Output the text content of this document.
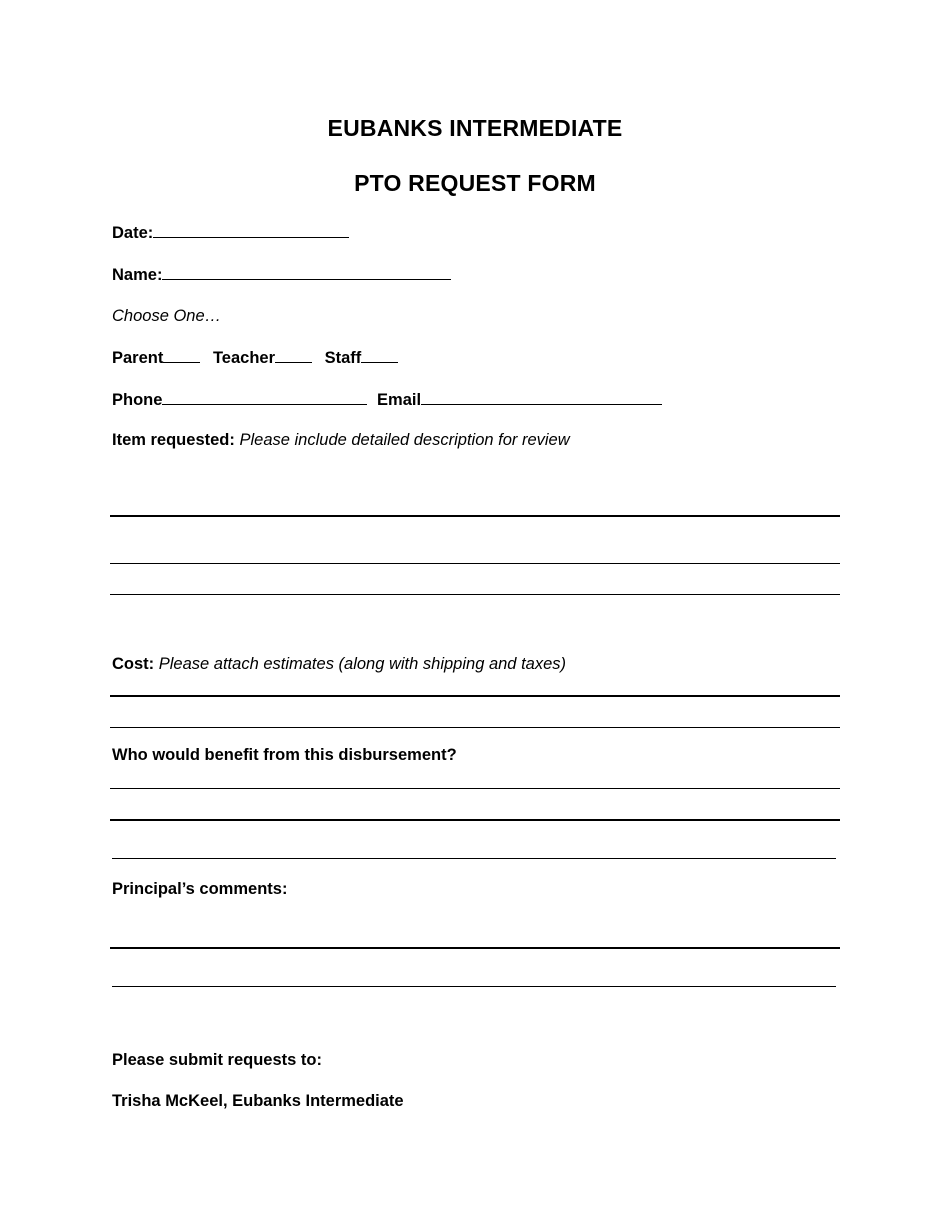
EUBANKS INTERMEDIATE
PTO REQUEST FORM
Date:
Name:
Choose One…
Parent	Teacher	Staff
Phone	Email
Item requested: Please include detailed description for review
Cost: Please attach estimates (along with shipping and taxes)
Who would benefit from this disbursement?
Principal’s comments:
Please submit requests to:
Trisha McKeel, Eubanks Intermediate
